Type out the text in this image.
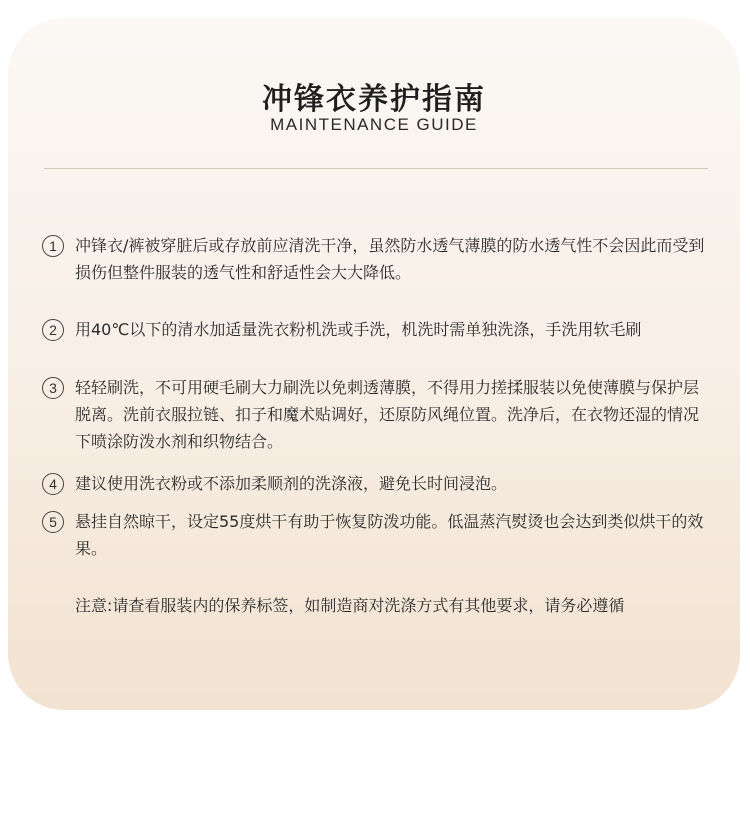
冲锋衣养护指南

MAINTENANCE GUIDE

1	冲锋衣/裤被穿脏后或存放前应清洗干净，虽然防水透气薄膜的防水透气性不会因此而受到损伤但整件服装的透气性和舒适性会大大降低。
2	用40℃以下的清水加适量洗衣粉机洗或手洗，机洗时需单独洗涤，手洗用软毛刷
3	轻轻刷洗，不可用硬毛刷大力刷洗以免刺透薄膜，不得用力搓揉服装以免使薄膜与保护层脱离。洗前衣服拉链、扣子和魔术贴调好，还原防风绳位置。洗净后，在衣物还湿的情况下喷涂防泼水剂和织物结合。
4	建议使用洗衣粉或不添加柔顺剂的洗涤液，避免长时间浸泡。
5	悬挂自然晾干，设定55度烘干有助于恢复防泼功能。低温蒸汽熨烫也会达到类似烘干的效果。
注意:请查看服装内的保养标签，如制造商对洗涤方式有其他要求，请务必遵循
